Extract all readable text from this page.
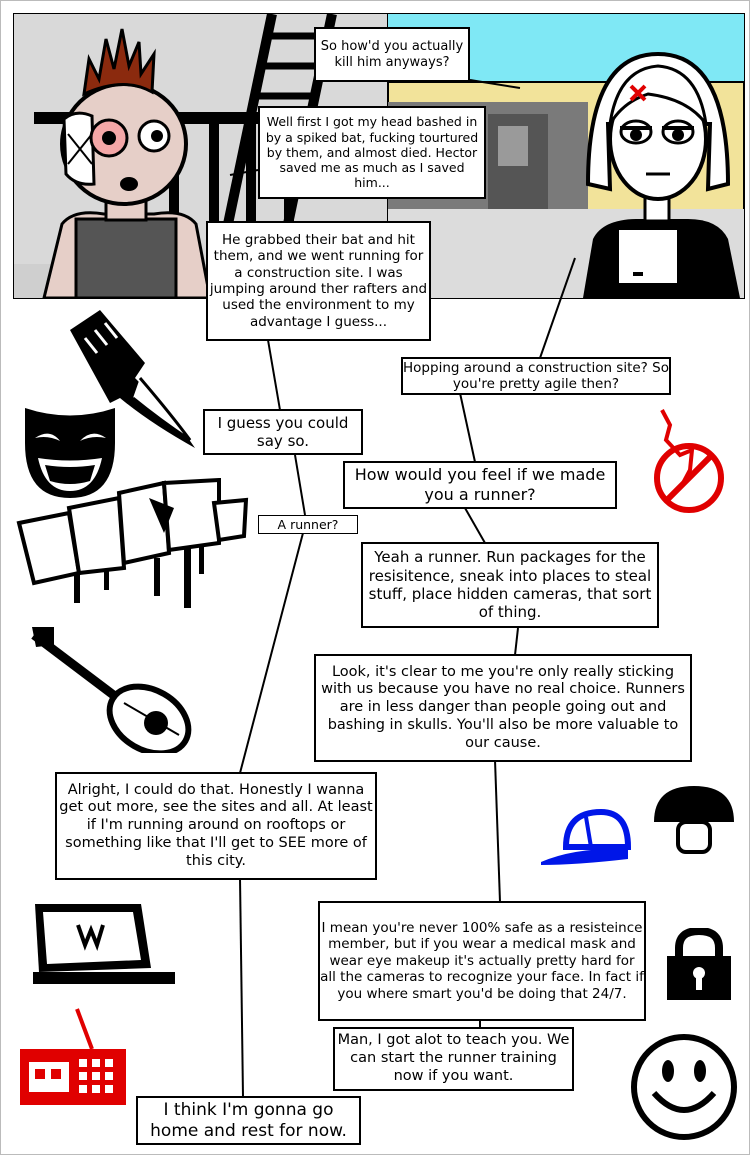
So how'd you actually kill him anyways?
Well first I got my head bashed in by a spiked bat, fucking tourtured by them, and almost died. Hector saved me as much as I saved him...
He grabbed their bat and hit them, and we went running for a construction site. I was jumping around ther rafters and used the environment to my advantage I guess...
Hopping around a construction site? So you're pretty agile then?
I guess you could say so.
How would you feel if we made you a runner?
A runner?
Yeah a runner. Run packages for the resisitence, sneak into places to steal stuff, place hidden cameras, that sort of thing.
Look, it's clear to me you're only really sticking with us because you have no real choice. Runners are in less danger than people going out and bashing in skulls. You'll also be more valuable to our cause.
Alright, I could do that. Honestly I wanna get out more, see the sites and all. At least if I'm running around on rooftops or something like that I'll get to SEE more of this city.
I mean you're never 100% safe as a resisteince member, but if you wear a medical mask and wear eye makeup it's actually pretty hard for all the cameras to recognize your face. In fact if you where smart you'd be doing that 24/7.
Man, I got alot to teach you. We can start the runner training now if you want.
I think I'm gonna go home and rest for now.
